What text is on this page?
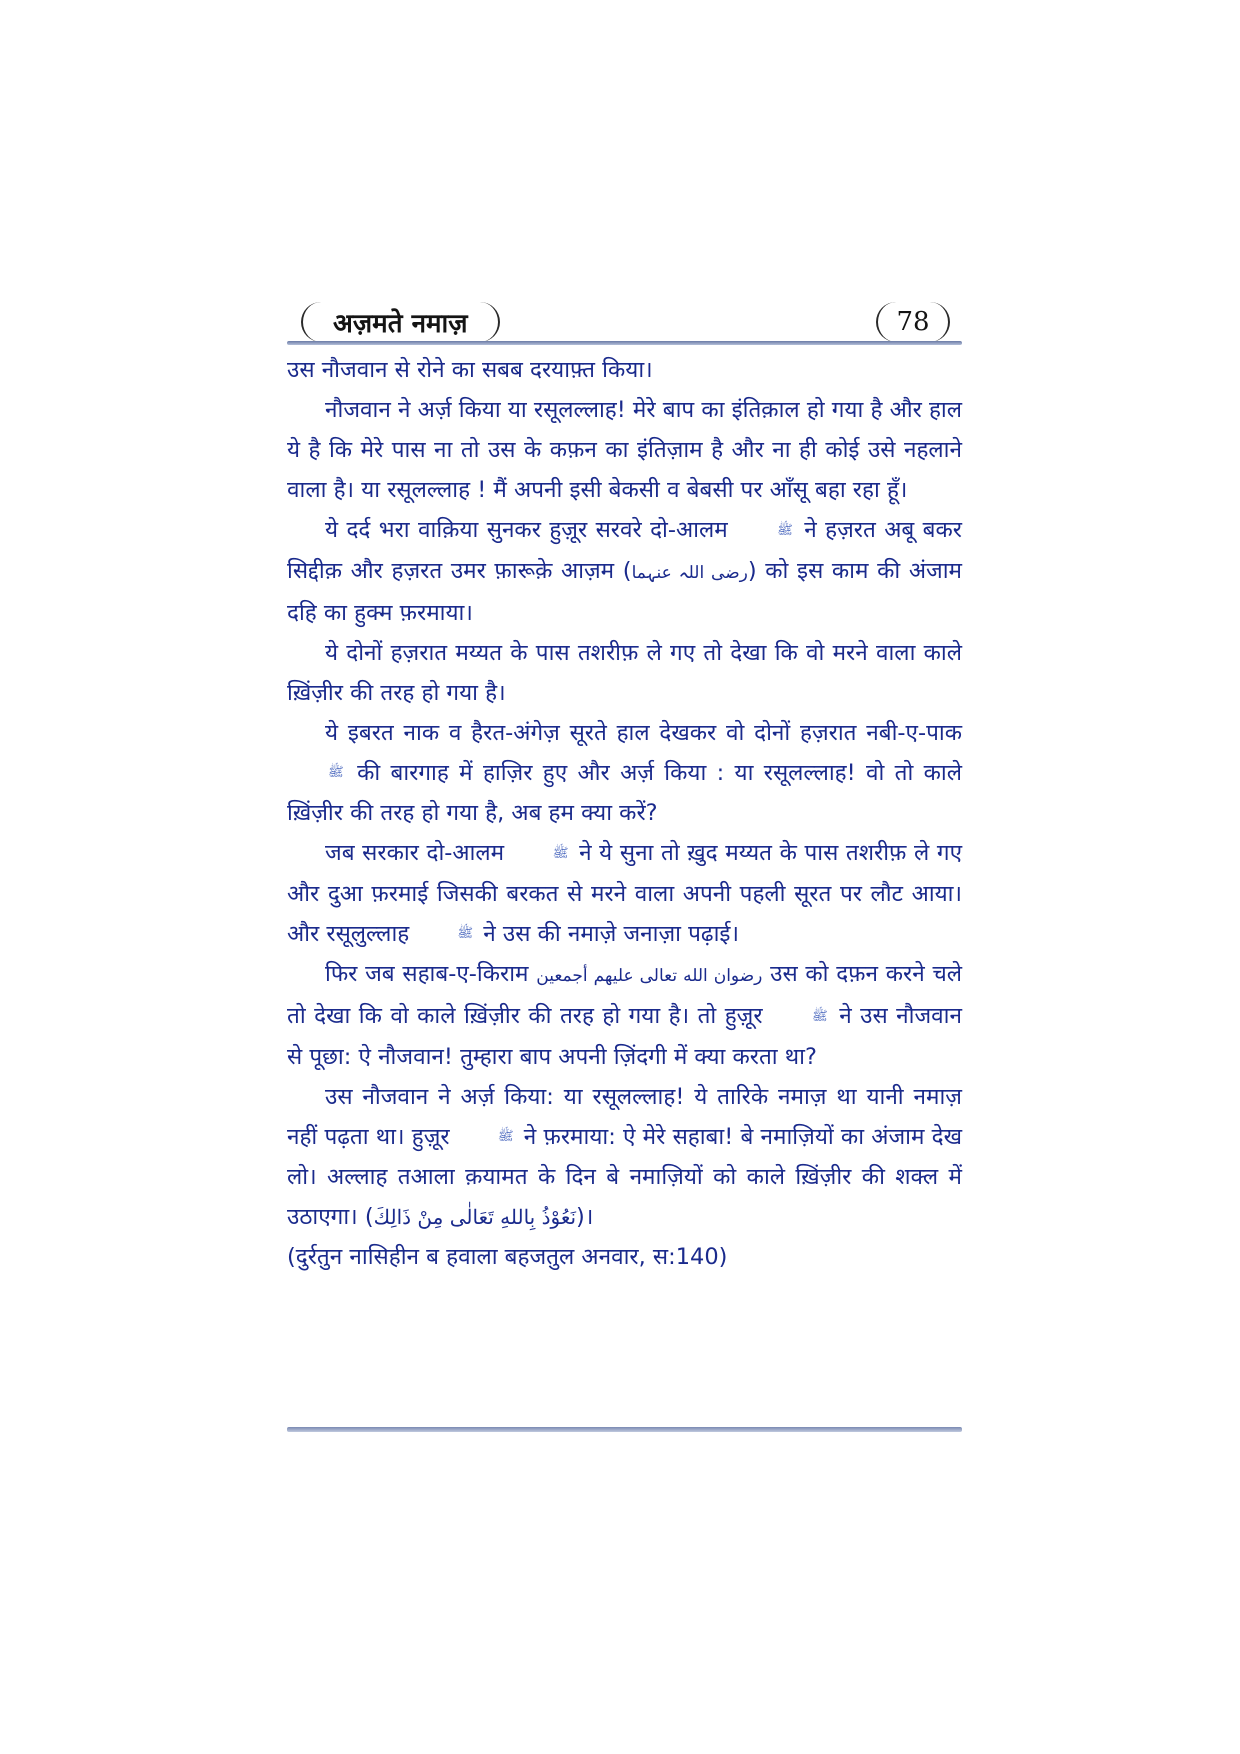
अज़मते नमाज़	78

उस नौजवान से रोने का सबब दरयाफ़्त किया।

नौजवान ने अर्ज़ किया या रसूलल्लाह! मेरे बाप का इंतिक़ाल हो गया है और हाल ये है कि मेरे पास ना तो उस के कफ़न का इंतिज़ाम है और ना ही कोई उसे नहलाने वाला है। या रसूलल्लाह ! मैं अपनी इसी बेकसी व बेबसी पर आँसू बहा रहा हूँ।

ये दर्द भरा वाक़िया सुनकर हुज़ूर सरवरे दो-आलम	ﷺ ने हज़रत अबू बकर सिद्दीक़ और हज़रत उमर फ़ारूक़े आज़म (رضی اللہ عنہما) को इस काम की अंजाम दहि का हुक्म फ़रमाया।

ये दोनों हज़रात मय्यत के पास तशरीफ़ ले गए तो देखा कि वो मरने वाला काले ख़िंज़ीर की तरह हो गया है।

ये इबरत नाक व हैरत-अंगेज़ सूरते हाल देखकर वो दोनों हज़रात नबी-ए-पाक ﷺ की बारगाह में हाज़िर हुए और अर्ज़ किया : या रसूलल्लाह! वो तो काले ख़िंज़ीर की तरह हो गया है, अब हम क्या करें?

जब सरकार दो-आलम	ﷺ ने ये सुना तो ख़ुद मय्यत के पास तशरीफ़ ले गए और दुआ फ़रमाई जिसकी बरकत से मरने वाला अपनी पहली सूरत पर लौट आया। और रसूलुल्लाह	ﷺ ने उस की नमाज़े जनाज़ा पढ़ाई।

फिर जब सहाब-ए-किराम رضوان الله تعالى عليهم أجمعين उस को दफ़न करने चले तो देखा कि वो काले ख़िंज़ीर की तरह हो गया है। तो हुज़ूर	ﷺ ने उस नौजवान से पूछा: ऐ नौजवान! तुम्हारा बाप अपनी ज़िंदगी में क्या करता था?

उस नौजवान ने अर्ज़ किया: या रसूलल्लाह! ये तारिके नमाज़ था यानी नमाज़ नहीं पढ़ता था। हुज़ूर	ﷺ ने फ़रमाया: ऐ मेरे सहाबा! बे नमाज़ियों का अंजाम देख लो। अल्लाह तआला क़यामत के दिन बे नमाज़ियों को काले ख़िंज़ीर की शक्ल में उठाएगा। (نَعُوْذُ بِاللهِ تَعَالٰى مِنْ ذَالِكَ)।

(दुर्रतुन नासिहीन ब हवाला बहजतुल अनवार, स:140)
